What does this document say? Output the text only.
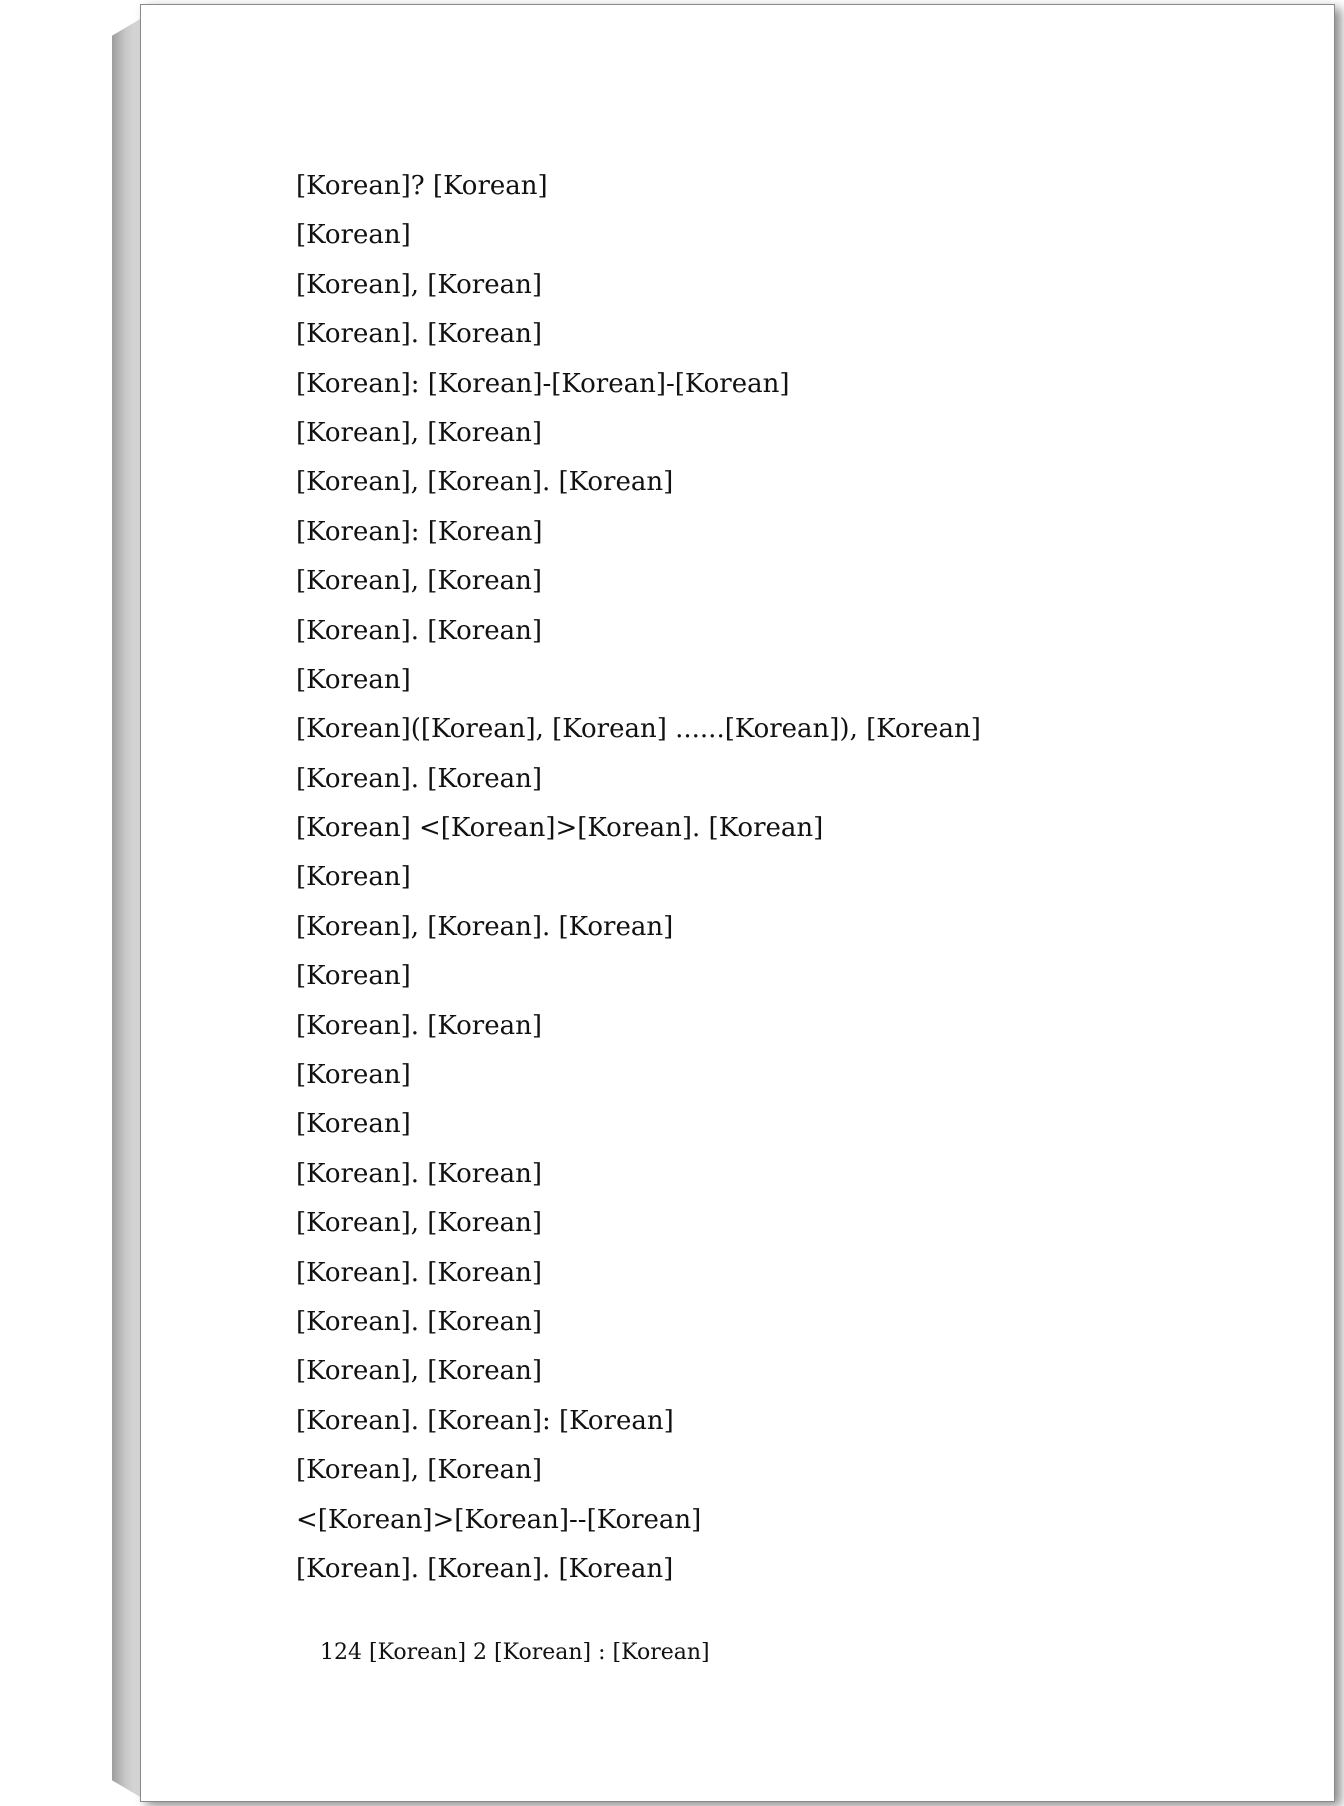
[Korean]? [Korean]
[Korean]
[Korean], [Korean]
[Korean]. [Korean]
[Korean]: [Korean]-[Korean]-[Korean]
[Korean], [Korean]
[Korean], [Korean]. [Korean]
[Korean]: [Korean]
[Korean], [Korean]
[Korean]. [Korean]
[Korean]
[Korean]([Korean], [Korean] ......[Korean]), [Korean]
[Korean]. [Korean]
[Korean] <[Korean]>[Korean]. [Korean]
[Korean]
[Korean], [Korean]. [Korean]
[Korean]
[Korean]. [Korean]
[Korean]
[Korean]
[Korean]. [Korean]
[Korean], [Korean]
[Korean]. [Korean]
[Korean]. [Korean]
[Korean], [Korean]
[Korean]. [Korean]: [Korean]
[Korean], [Korean]
<[Korean]>[Korean]--[Korean]
[Korean]. [Korean]. [Korean]
124 [Korean] 2 [Korean] : [Korean]
